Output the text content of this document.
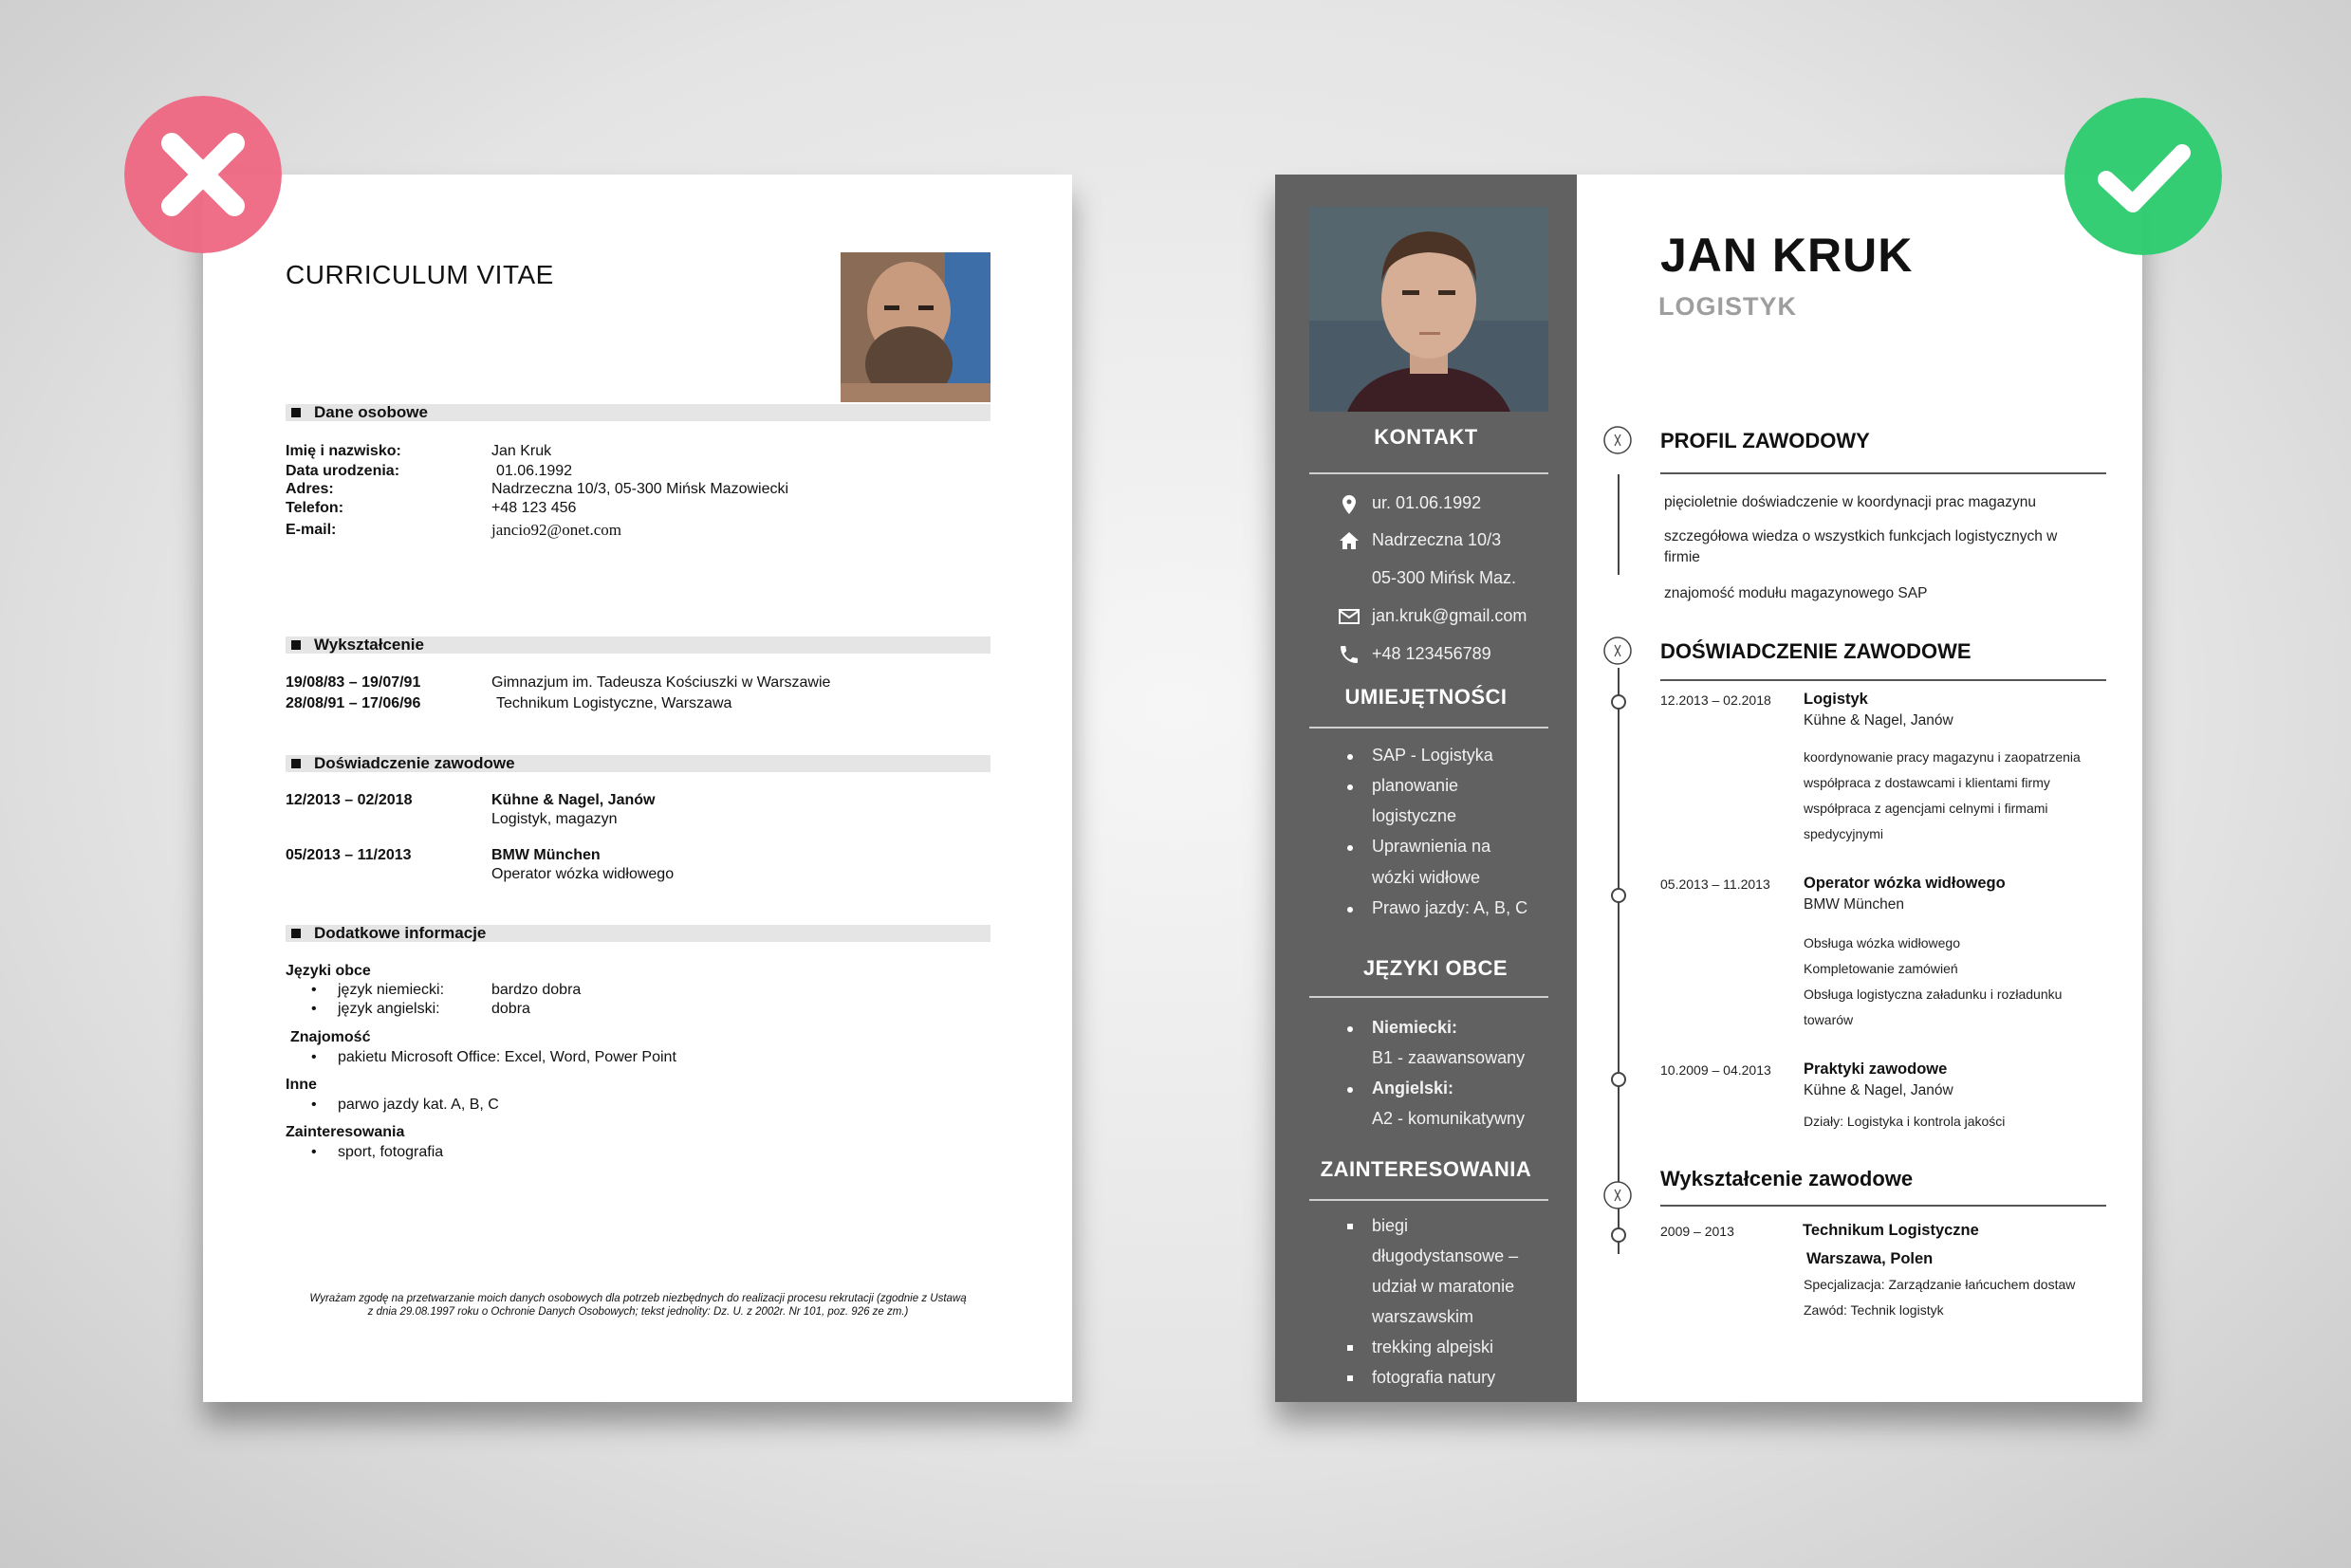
CURRICULUM VITAE
Dane osobowe
Imię i nazwisko:	Jan Kruk
Data urodzenia:	01.06.1992
Adres:	Nadrzeczna 10/3, 05-300 Mińsk Mazowiecki
Telefon:	+48 123 456
E-mail:	jancio92@onet.com
Wykształcenie
19/08/83 – 19/07/91	Gimnazjum im. Tadeusza Kościuszki w Warszawie
28/08/91 – 17/06/96	Technikum Logistyczne, Warszawa
Doświadczenie zawodowe
12/2013 – 02/2018	Kühne & Nagel, Janów
Logistyk, magazyn
05/2013 – 11/2013	BMW München
Operator wózka widłowego
Dodatkowe informacje
Języki obce
• język niemiecki:	bardzo dobra
• język angielski:	dobra
Znajomość
• pakietu Microsoft Office: Excel, Word, Power Point
Inne
• parwo jazdy kat. A, B, C
Zainteresowania
• sport, fotografia
Wyrażam zgodę na przetwarzanie moich danych osobowych dla potrzeb niezbędnych do realizacji procesu rekrutacji (zgodnie z Ustawą
z dnia 29.08.1997 roku o Ochronie Danych Osobowych; tekst jednolity: Dz. U. z 2002r. Nr 101, poz. 926 ze zm.)
KONTAKT
ur. 01.06.1992
Nadrzeczna 10/3
05-300 Mińsk Maz.
jan.kruk@gmail.com
+48 123456789
UMIEJĘTNOŚCI
SAP - Logistyka
planowanie
logistyczne
Uprawnienia na
wózki widłowe
Prawo jazdy: A, B, C
JĘZYKI OBCE
Niemiecki:
B1 - zaawansowany
Angielski:
A2 - komunikatywny
ZAINTERESOWANIA
biegi
długodystansowe –
udział w maratonie
warszawskim
trekking alpejski
fotografia natury
JAN KRUK
LOGISTYK
PROFIL ZAWODOWY
pięcioletnie doświadczenie w koordynacji prac magazynu
szczegółowa wiedza o wszystkich funkcjach logistycznych w
firmie
znajomość modułu magazynowego SAP
DOŚWIADCZENIE ZAWODOWE
12.2013 – 02.2018 Logistyk
Kühne & Nagel, Janów
koordynowanie pracy magazynu i zaopatrzenia
współpraca z dostawcami i klientami firmy
współpraca z agencjami celnymi i firmami
spedycyjnymi
05.2013 – 11.2013 Operator wózka widłowego
BMW München
Obsługa wózka widłowego
Kompletowanie zamówień
Obsługa logistyczna załadunku i rozładunku
towarów
10.2009 – 04.2013 Praktyki zawodowe
Kühne & Nagel, Janów
Działy: Logistyka i kontrola jakości
Wykształcenie zawodowe
2009 – 2013	Technikum Logistyczne
Warszawa, Polen
Specjalizacja: Zarządzanie łańcuchem dostaw
Zawód: Technik logistyk
